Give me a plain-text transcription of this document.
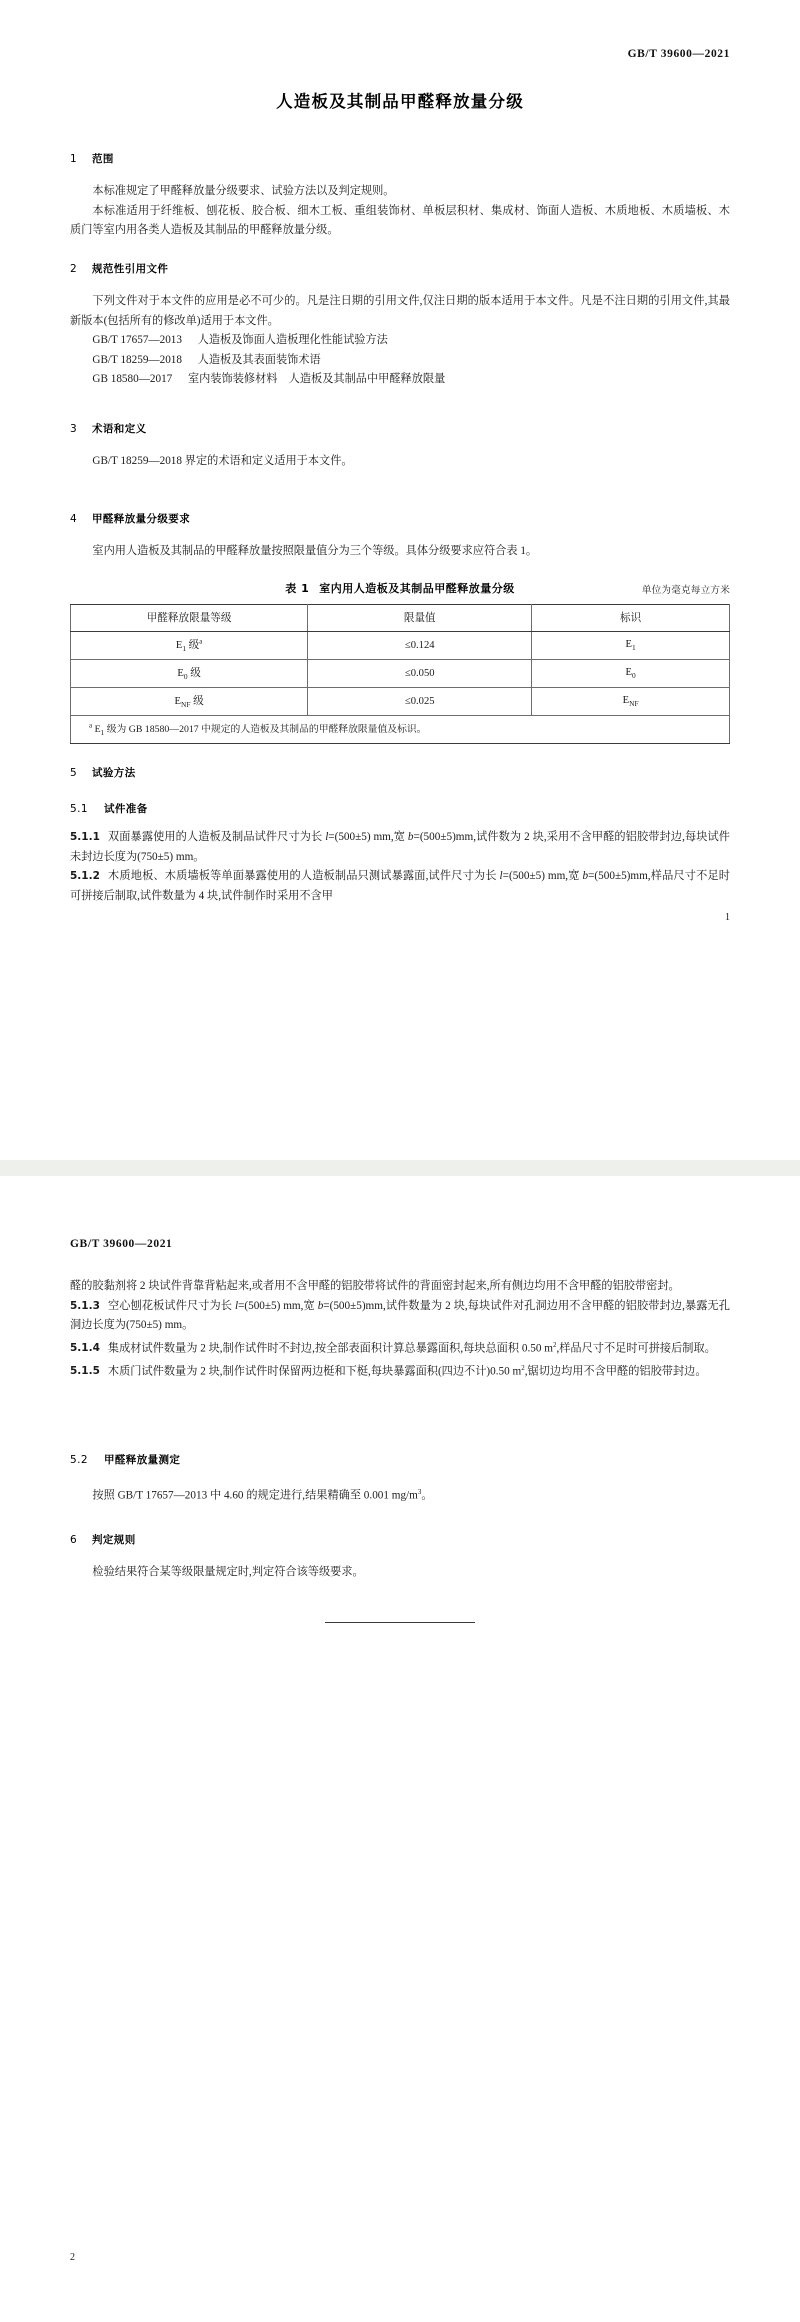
GB/T 39600—2021
人造板及其制品甲醛释放量分级
1 范围

本标准规定了甲醛释放量分级要求、试验方法以及判定规则。

本标准适用于纤维板、刨花板、胶合板、细木工板、重组装饰材、单板层积材、集成材、饰面人造板、木质地板、木质墙板、木质门等室内用各类人造板及其制品的甲醛释放量分级。

2 规范性引用文件

下列文件对于本文件的应用是必不可少的。凡是注日期的引用文件,仅注日期的版本适用于本文件。凡是不注日期的引用文件,其最新版本(包括所有的修改单)适用于本文件。

GB/T 17657—2013 人造板及饰面人造板理化性能试验方法

GB/T 18259—2018 人造板及其表面装饰术语

GB 18580—2017 室内装饰装修材料　人造板及其制品中甲醛释放限量

3 术语和定义

GB/T 18259—2018 界定的术语和定义适用于本文件。

4 甲醛释放量分级要求

室内用人造板及其制品的甲醛释放量按照限量值分为三个等级。具体分级要求应符合表 1。

表 1 室内用人造板及其制品甲醛释放量分级	单位为毫克每立方米
甲醛释放限量等级	限量值	标识
$E_1$ 级$^a$	≤0.124	$E_1$
$E_0$ 级	≤0.050	$E_0$
$E_{NF}$ 级	≤0.025	$E_{NF}$
$^a$ $E_1$ 级为 GB 18580—2017 中规定的人造板及其制品的甲醛释放限量值及标识。		
5 试验方法
5.1 试件准备

5.1.1 双面暴露使用的人造板及制品试件尺寸为长 l=(500±5) mm,宽 b=(500±5)mm,试件数为 2 块,采用不含甲醛的铝胶带封边,每块试件未封边长度为(750±5) mm。

5.1.2 木质地板、木质墙板等单面暴露使用的人造板制品只测试暴露面,试件尺寸为长 l=(500±5) mm,宽 b=(500±5)mm,样品尺寸不足时可拼接后制取,试件数量为 4 块,试件制作时采用不含甲

1
GB/T 39600—2021

醛的胶黏剂将 2 块试件背靠背粘起来,或者用不含甲醛的铝胶带将试件的背面密封起来,所有侧边均用不含甲醛的铝胶带密封。

5.1.3 空心刨花板试件尺寸为长 l=(500±5) mm,宽 b=(500±5)mm,试件数量为 2 块,每块试件对孔洞边用不含甲醛的铝胶带封边,暴露无孔洞边长度为(750±5) mm。

5.1.4 集成材试件数量为 2 块,制作试件时不封边,按全部表面积计算总暴露面积,每块总面积 0.50 m$^2$,样品尺寸不足时可拼接后制取。

5.1.5 木质门试件数量为 2 块,制作试件时保留两边梃和下梃,每块暴露面积(四边不计)0.50 m$^2$,锯切边均用不含甲醛的铝胶带封边。

5.2 甲醛释放量测定

按照 GB/T 17657—2013 中 4.60 的规定进行,结果精确至 0.001 mg/m$^3$。

6 判定规则

检验结果符合某等级限量规定时,判定符合该等级要求。

2
